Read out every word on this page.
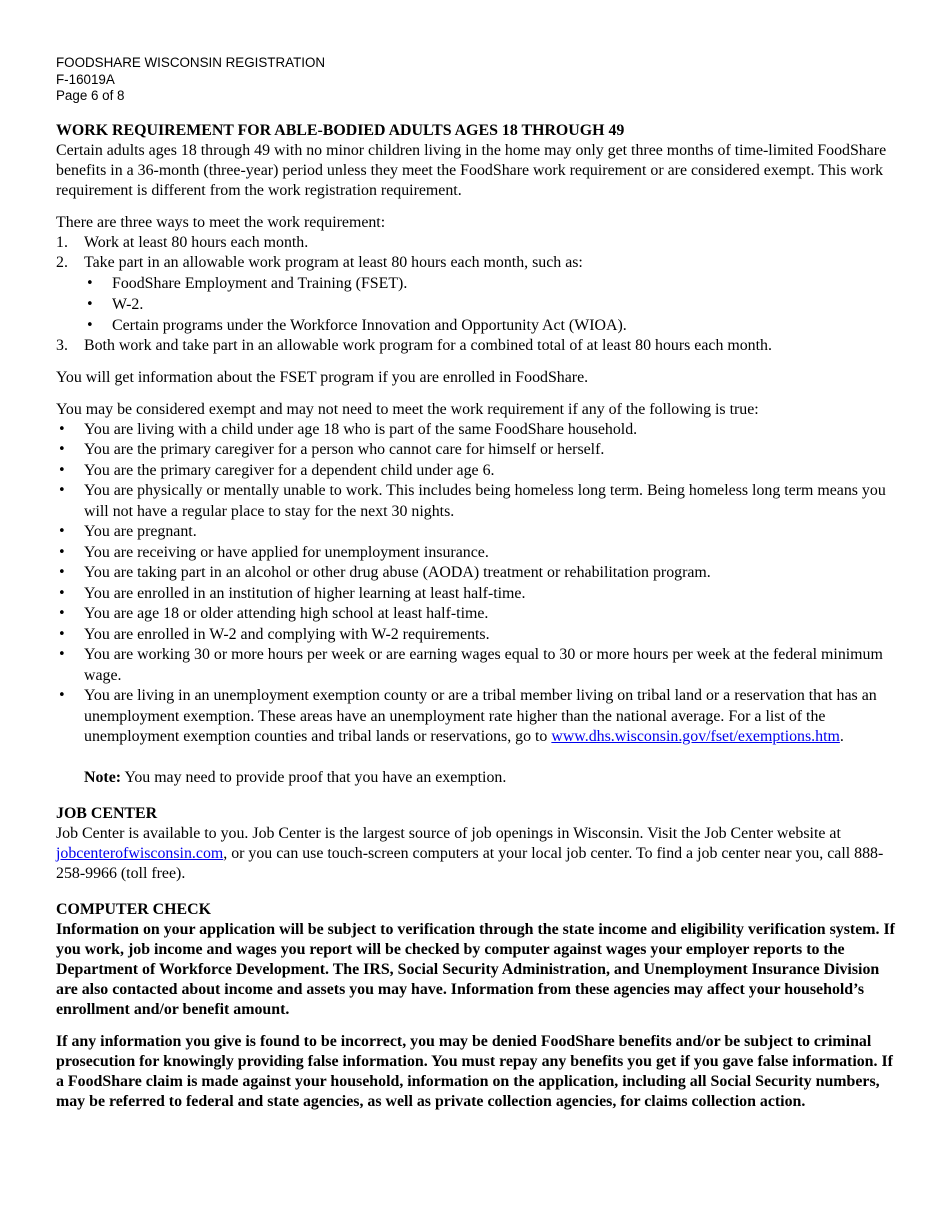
FOODSHARE WISCONSIN REGISTRATION
F-16019A
Page 6 of 8
WORK REQUIREMENT FOR ABLE-BODIED ADULTS AGES 18 THROUGH 49

Certain adults ages 18 through 49 with no minor children living in the home may only get three months of time-limited FoodShare benefits in a 36-month (three-year) period unless they meet the FoodShare work requirement or are considered exempt. This work requirement is different from the work registration requirement.

There are three ways to meet the work requirement:

1. Work at least 80 hours each month.
2. Take part in an allowable work program at least 80 hours each month, such as:
FoodShare Employment and Training (FSET).
W-2.
Certain programs under the Workforce Innovation and Opportunity Act (WIOA).
3. Both work and take part in an allowable work program for a combined total of at least 80 hours each month.

You will get information about the FSET program if you are enrolled in FoodShare.

You may be considered exempt and may not need to meet the work requirement if any of the following is true:

You are living with a child under age 18 who is part of the same FoodShare household.
You are the primary caregiver for a person who cannot care for himself or herself.
You are the primary caregiver for a dependent child under age 6.
You are physically or mentally unable to work. This includes being homeless long term. Being homeless long term means you will not have a regular place to stay for the next 30 nights.
You are pregnant.
You are receiving or have applied for unemployment insurance.
You are taking part in an alcohol or other drug abuse (AODA) treatment or rehabilitation program.
You are enrolled in an institution of higher learning at least half-time.
You are age 18 or older attending high school at least half-time.
You are enrolled in W-2 and complying with W-2 requirements.
You are working 30 or more hours per week or are earning wages equal to 30 or more hours per week at the federal minimum wage.
You are living in an unemployment exemption county or are a tribal member living on tribal land or a reservation that has an unemployment exemption. These areas have an unemployment rate higher than the national average. For a list of the unemployment exemption counties and tribal lands or reservations, go to www.dhs.wisconsin.gov/fset/exemptions.htm.

Note: You may need to provide proof that you have an exemption.

JOB CENTER

Job Center is available to you. Job Center is the largest source of job openings in Wisconsin. Visit the Job Center website at jobcenterofwisconsin.com, or you can use touch-screen computers at your local job center. To find a job center near you, call 888-258-9966 (toll free).

COMPUTER CHECK

Information on your application will be subject to verification through the state income and eligibility verification system. If you work, job income and wages you report will be checked by computer against wages your employer reports to the Department of Workforce Development. The IRS, Social Security Administration, and Unemployment Insurance Division are also contacted about income and assets you may have. Information from these agencies may affect your household’s enrollment and/or benefit amount.

If any information you give is found to be incorrect, you may be denied FoodShare benefits and/or be subject to criminal prosecution for knowingly providing false information. You must repay any benefits you get if you gave false information. If a FoodShare claim is made against your household, information on the application, including all Social Security numbers, may be referred to federal and state agencies, as well as private collection agencies, for claims collection action.
